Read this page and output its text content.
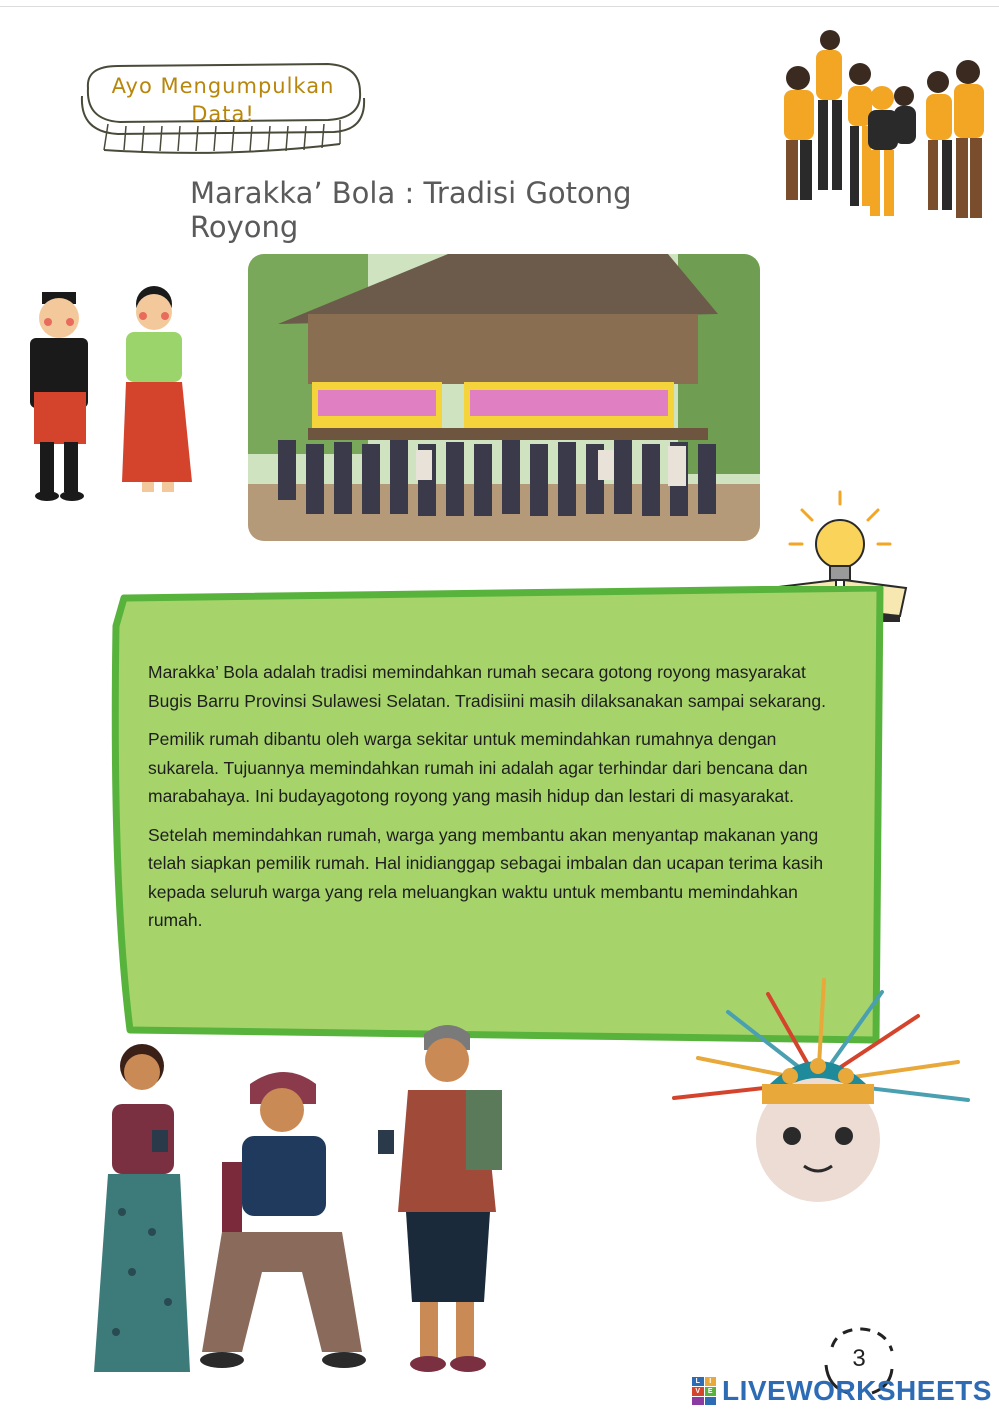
Ayo Mengumpulkan
Data!
Marakka’ Bola : Tradisi Gotong Royong

Marakka’ Bola adalah tradisi memindahkan rumah secara gotong royong masyarakat Bugis Barru Provinsi Sulawesi Selatan. Tradisiini masih dilaksanakan sampai sekarang.

Pemilik rumah dibantu oleh warga sekitar untuk memindahkan rumahnya dengan sukarela. Tujuannya memindahkan rumah ini adalah agar terhindar dari bencana dan marabahaya. Ini budayagotong royong yang masih hidup dan lestari di masyarakat.

Setelah memindahkan rumah, warga yang membantu akan menyantap makanan yang telah siapkan pemilik rumah. Hal inidianggap sebagai imbalan dan ucapan terima kasih kepada seluruh warga yang rela meluangkan waktu untuk membantu memindahkan rumah.

3
L	I
V	E LIVEWORKSHEETS
